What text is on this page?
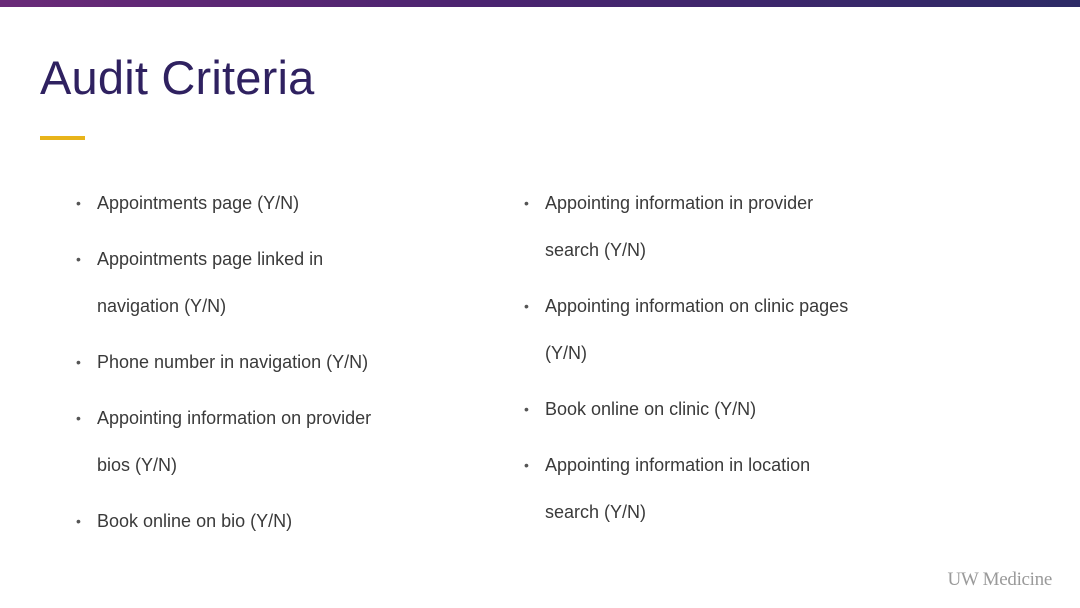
Audit Criteria
• Appointments page (Y/N)
• Appointments page linked in
navigation (Y/N)
• Phone number in navigation (Y/N)
• Appointing information on provider
bios (Y/N)
• Book online on bio (Y/N)
• Appointing information in provider
search (Y/N)
• Appointing information on clinic pages
(Y/N)
• Book online on clinic (Y/N)
• Appointing information in location
search (Y/N)
UW Medicine
